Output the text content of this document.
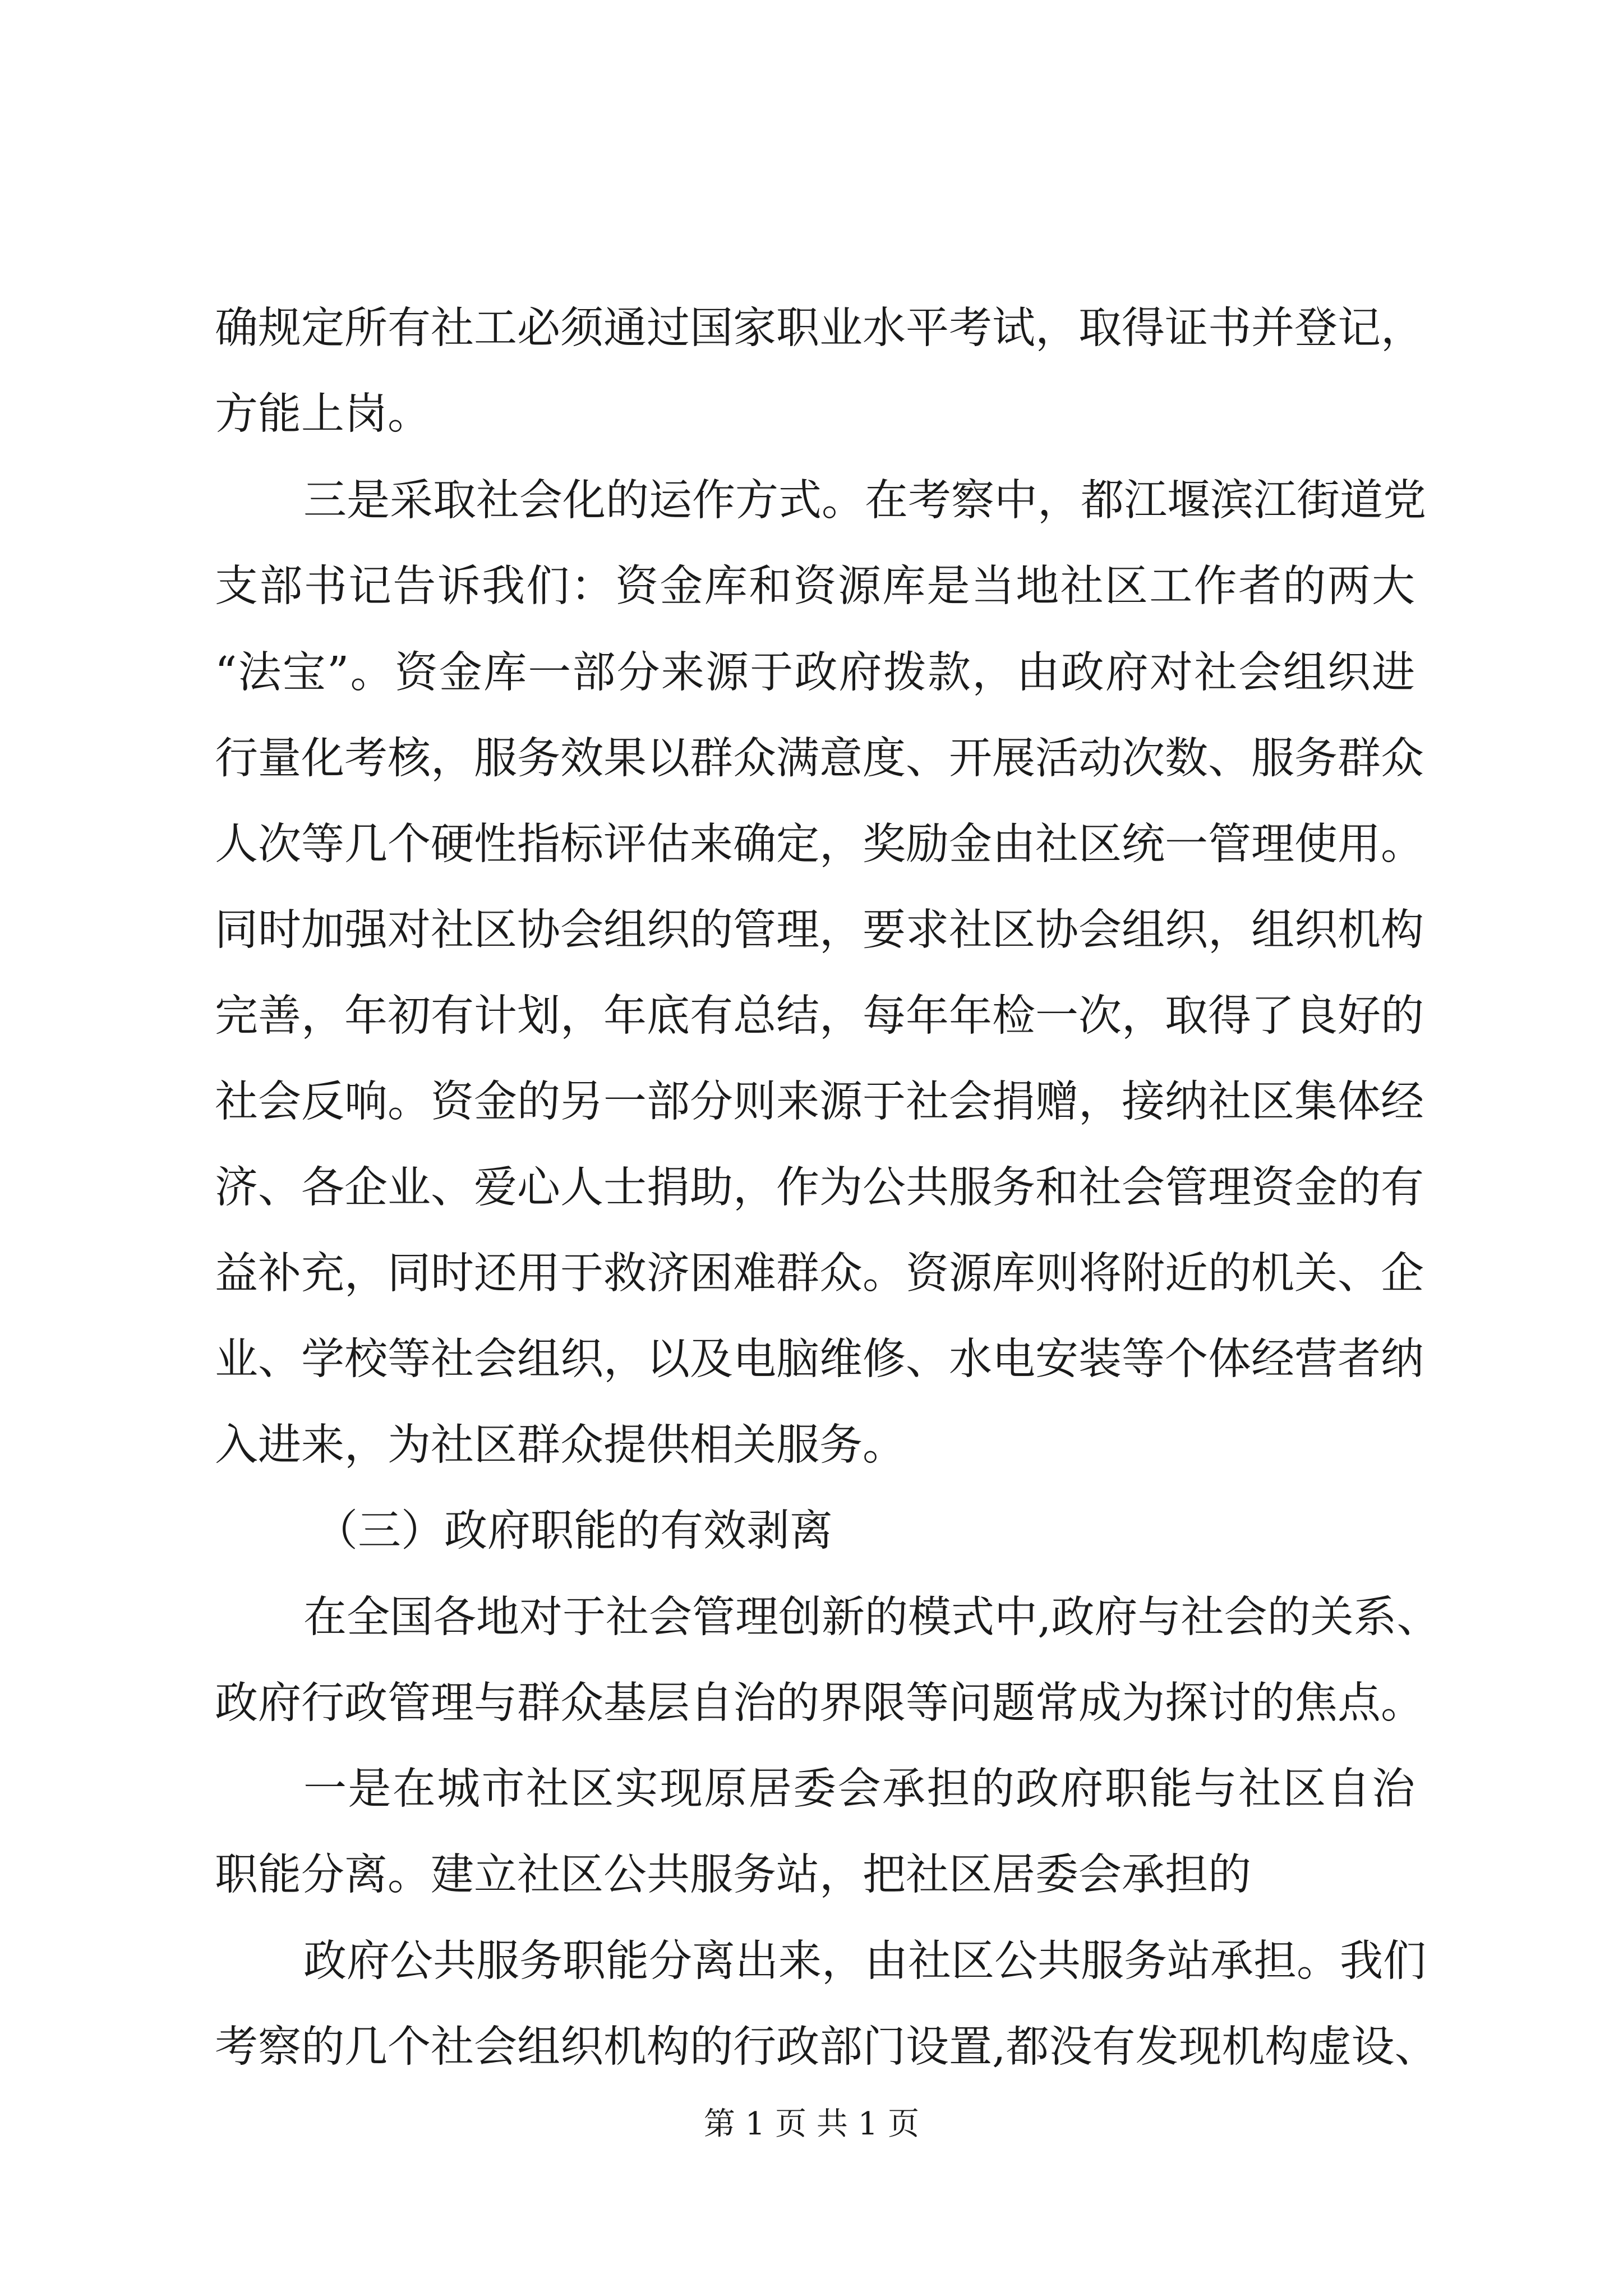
确规定所有社工必须通过国家职业水平考试，取得证书并登记，
方能上岗。
三是采取社会化的运作方式。在考察中，都江堰滨江街道党
支部书记告诉我们：资金库和资源库是当地社区工作者的两大
“法宝”。资金库一部分来源于政府拨款，由政府对社会组织进
行量化考核，服务效果以群众满意度、开展活动次数、服务群众
人次等几个硬性指标评估来确定，奖励金由社区统一管理使用。
同时加强对社区协会组织的管理，要求社区协会组织，组织机构
完善，年初有计划，年底有总结，每年年检一次，取得了良好的
社会反响。资金的另一部分则来源于社会捐赠，接纳社区集体经
济、各企业、爱心人士捐助，作为公共服务和社会管理资金的有
益补充，同时还用于救济困难群众。资源库则将附近的机关、企
业、学校等社会组织，以及电脑维修、水电安装等个体经营者纳
入进来，为社区群众提供相关服务。
（三）政府职能的有效剥离
在全国各地对于社会管理创新的模式中,政府与社会的关系、
政府行政管理与群众基层自治的界限等问题常成为探讨的焦点。
一是在城市社区实现原居委会承担的政府职能与社区自治
职能分离。建立社区公共服务站，把社区居委会承担的
政府公共服务职能分离出来，由社区公共服务站承担。我们
考察的几个社会组织机构的行政部门设置,都没有发现机构虚设、
第 1 页 共 1 页
